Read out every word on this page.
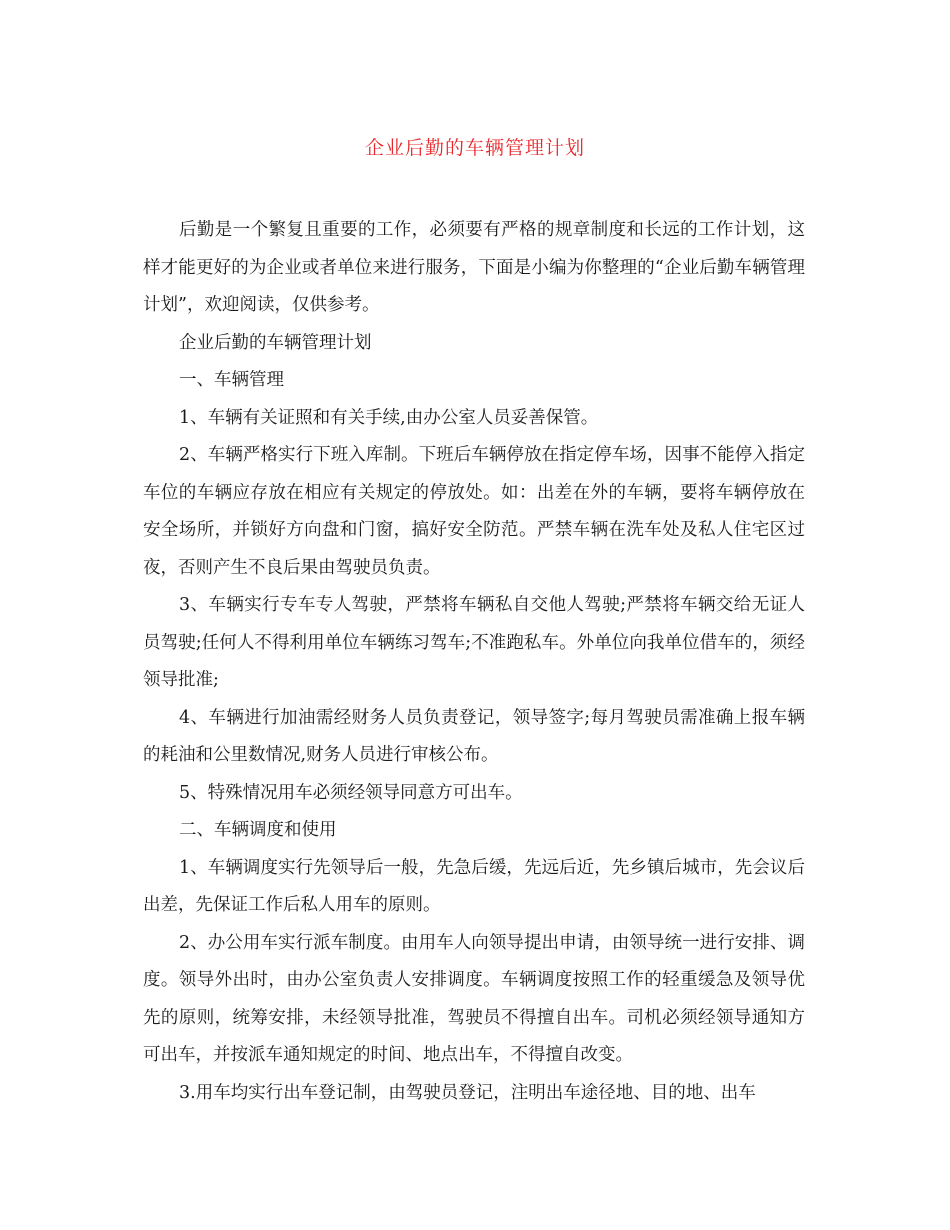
企业后勤的车辆管理计划

后勤是一个繁复且重要的工作，必须要有严格的规章制度和长远的工作计划，这样才能更好的为企业或者单位来进行服务，下面是小编为你整理的“企业后勤车辆管理计划”，欢迎阅读，仅供参考。

企业后勤的车辆管理计划

一、车辆管理

1、车辆有关证照和有关手续,由办公室人员妥善保管。

2、车辆严格实行下班入库制。下班后车辆停放在指定停车场，因事不能停入指定车位的车辆应存放在相应有关规定的停放处。如：出差在外的车辆，要将车辆停放在安全场所，并锁好方向盘和门窗，搞好安全防范。严禁车辆在洗车处及私人住宅区过夜，否则产生不良后果由驾驶员负责。

3、车辆实行专车专人驾驶，严禁将车辆私自交他人驾驶;严禁将车辆交给无证人员驾驶;任何人不得利用单位车辆练习驾车;不准跑私车。外单位向我单位借车的，须经领导批准;

4、车辆进行加油需经财务人员负责登记，领导签字;每月驾驶员需准确上报车辆的耗油和公里数情况,财务人员进行审核公布。

5、特殊情况用车必须经领导同意方可出车。

二、车辆调度和使用

1、车辆调度实行先领导后一般，先急后缓，先远后近，先乡镇后城市，先会议后出差，先保证工作后私人用车的原则。

2、办公用车实行派车制度。由用车人向领导提出申请，由领导统一进行安排、调度。领导外出时，由办公室负责人安排调度。车辆调度按照工作的轻重缓急及领导优先的原则，统筹安排，未经领导批准，驾驶员不得擅自出车。司机必须经领导通知方可出车，并按派车通知规定的时间、地点出车，不得擅自改变。

3.用车均实行出车登记制，由驾驶员登记，注明出车途径地、目的地、出车
